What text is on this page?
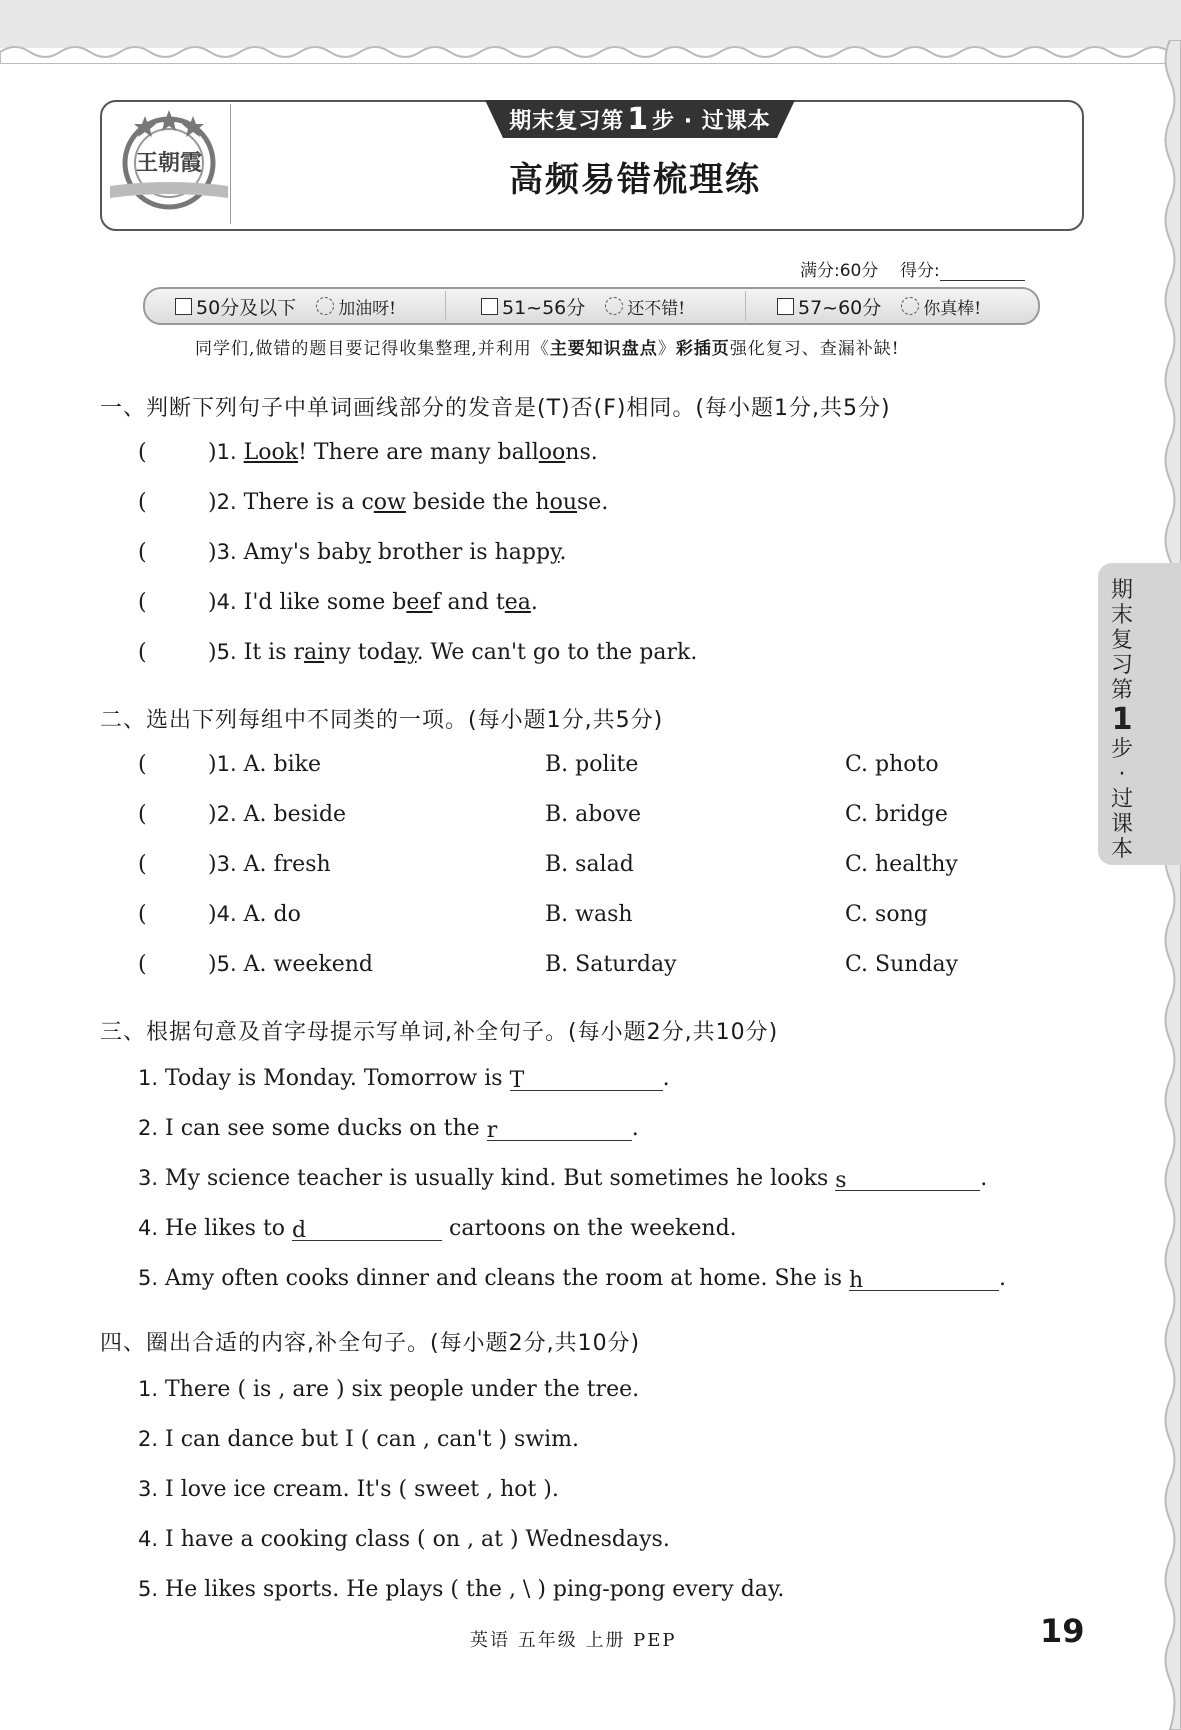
王朝霞
期末复习第 1 步 · 过课本
高频易错梳理练
满分:60分 得分:
50分及以下 加油呀!	51~56分 还不错!	57~60分 你真棒!
同学们,做错的题目要记得收集整理,并利用《主要知识盘点》彩插页强化复习、查漏补缺!
一、判断下列句子中单词画线部分的发音是(T)否(F)相同。(每小题1分,共5分)
(	)1. Look! There are many balloons.
(	)2. There is a cow beside the house.
(	)3. Amy's baby brother is happy.
(	)4. I'd like some beef and tea.
(	)5. It is rainy today. We can't go to the park.
二、选出下列每组中不同类的一项。(每小题1分,共5分)
(	)1. A. bike	B. polite	C. photo
(	)2. A. beside	B. above	C. bridge
(	)3. A. fresh	B. salad	C. healthy
(	)4. A. do	B. wash	C. song
(	)5. A. weekend	B. Saturday	C. Sunday
三、根据句意及首字母提示写单词,补全句子。(每小题2分,共10分)
1. Today is Monday. Tomorrow is T	.
2. I can see some ducks on the r	.
3. My science teacher is usually kind. But sometimes he looks s	.
4. He likes to d	cartoons on the weekend.
5. Amy often cooks dinner and cleans the room at home. She is h	.
四、圈出合适的内容,补全句子。(每小题2分,共10分)
1. There ( is , are ) six people under the tree.
2. I can dance but I ( can , can't ) swim.
3. I love ice cream. It's ( sweet , hot ).
4. I have a cooking class ( on , at ) Wednesdays.
5. He likes sports. He plays ( the , \ ) ping-pong every day.
期
末
复
习
第
1
步
·
过
课
本
英语 五年级 上册 PEP	19
